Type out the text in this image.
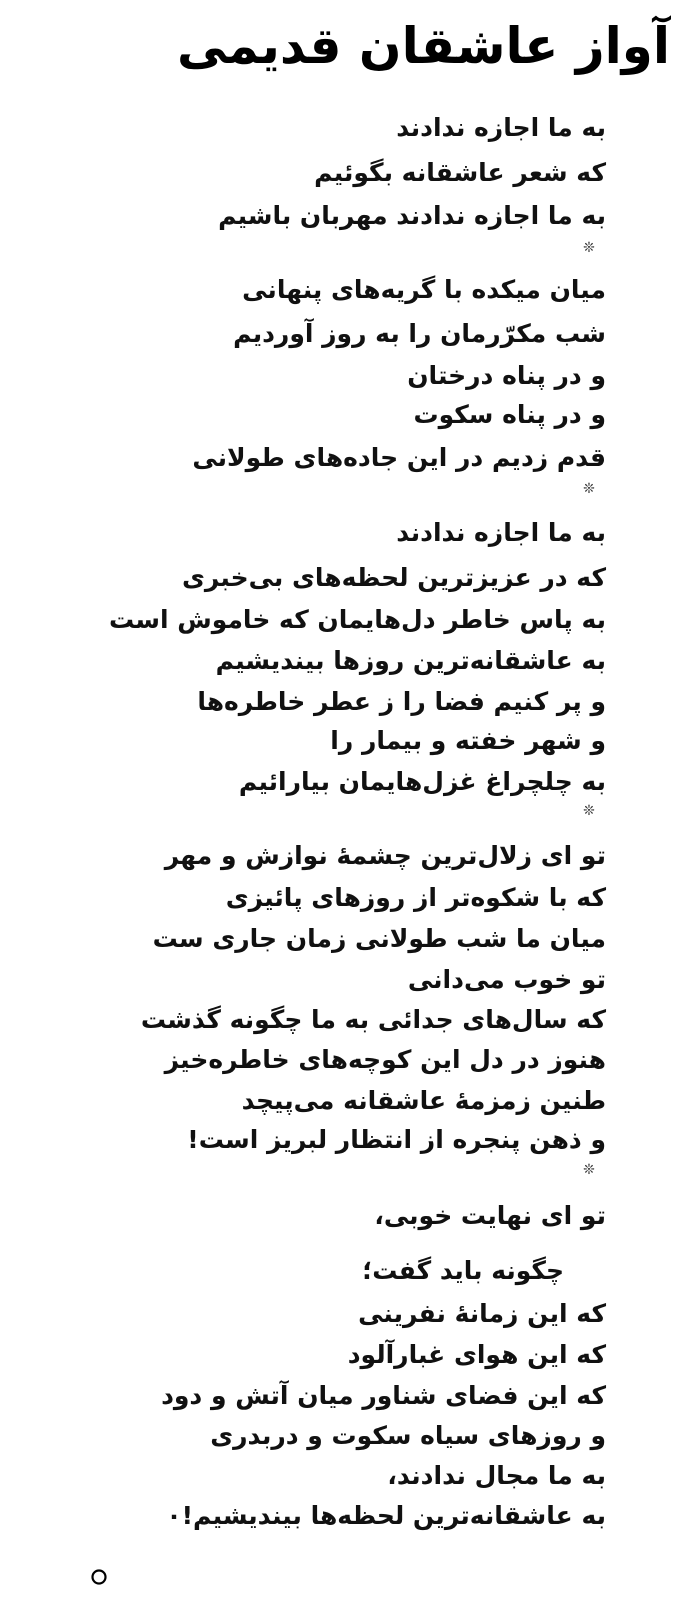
آواز عاشقان قدیمی
به ما اجازه ندادند
که شعر عاشقانه بگوئیم
به ما اجازه ندادند مهربان باشیم
❊
میان میکده با گریه‌های پنهانی
شب مکرّرمان را به روز آوردیم
و در پناه درختان
و در پناه سکوت
قدم زدیم در این جاده‌های طولانی
❊
به ما اجازه ندادند
که در عزیزترین لحظه‌های بی‌خبری
به پاس خاطر دل‌هایمان که خاموش است
به عاشقانه‌ترین روزها بیندیشیم
و پر کنیم فضا را ز عطر خاطره‌ها
و شهر خفته و بیمار را
به چلچراغ غزل‌هایمان بیارائیم
❊
تو ای زلال‌ترین چشمهٔ نوازش و مهر
که با شکوه‌تر از روزهای پائیزی
میان ما شب طولانی زمان جاری ست
تو خوب می‌دانی
که سال‌های جدائی به ما چگونه گذشت
هنوز در دل این کوچه‌های خاطره‌خیز
طنین زمزمهٔ عاشقانه می‌پیچد
و ذهن پنجره از انتظار لبریز است!
❊
تو ای نهایت خوبی،
چگونه باید گفت؛
که این زمانهٔ نفرینی
که این هوای غبارآلود
که این فضای شناور میان آتش و دود
و روزهای سیاه سکوت و دربدری
به ما مجال ندادند،
به عاشقانه‌ترین لحظه‌ها بیندیشیم!٠
